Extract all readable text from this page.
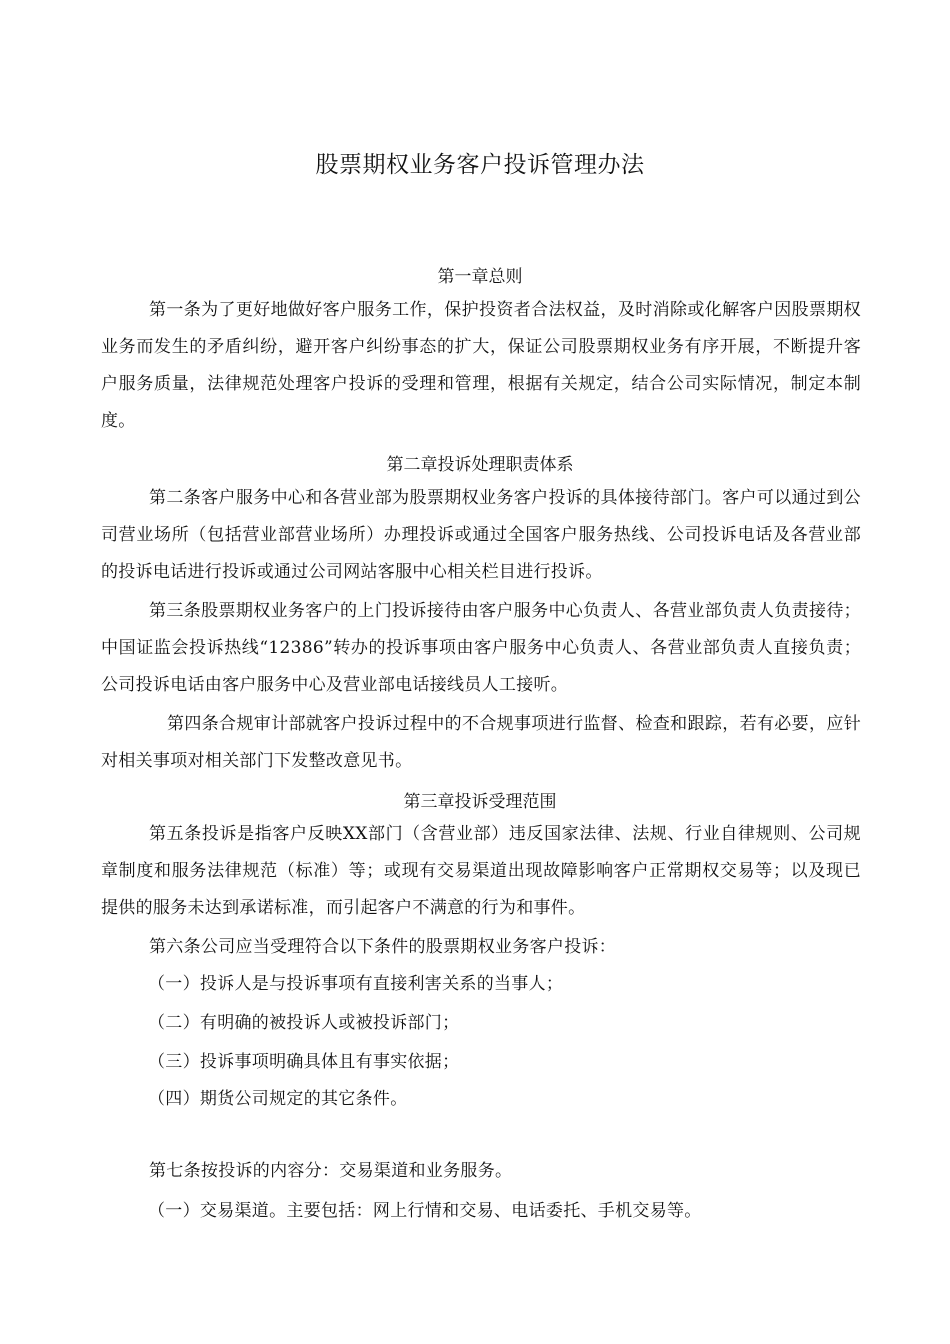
股票期权业务客户投诉管理办法
第一章总则
第一条为了更好地做好客户服务工作，保护投资者合法权益，及时消除或化解客户因股票期权业务而发生的矛盾纠纷，避开客户纠纷事态的扩大，保证公司股票期权业务有序开展，不断提升客户服务质量，法律规范处理客户投诉的受理和管理，根据有关规定，结合公司实际情况，制定本制度。
第二章投诉处理职责体系
第二条客户服务中心和各营业部为股票期权业务客户投诉的具体接待部门。客户可以通过到公司营业场所（包括营业部营业场所）办理投诉或通过全国客户服务热线、公司投诉电话及各营业部的投诉电话进行投诉或通过公司网站客服中心相关栏目进行投诉。
第三条股票期权业务客户的上门投诉接待由客户服务中心负责人、各营业部负责人负责接待；中国证监会投诉热线“12386”转办的投诉事项由客户服务中心负责人、各营业部负责人直接负责；公司投诉电话由客户服务中心及营业部电话接线员人工接听。
第四条合规审计部就客户投诉过程中的不合规事项进行监督、检查和跟踪，若有必要，应针对相关事项对相关部门下发整改意见书。
第三章投诉受理范围
第五条投诉是指客户反映XX部门（含营业部）违反国家法律、法规、行业自律规则、公司规章制度和服务法律规范（标准）等；或现有交易渠道出现故障影响客户正常期权交易等；以及现已提供的服务未达到承诺标准，而引起客户不满意的行为和事件。
第六条公司应当受理符合以下条件的股票期权业务客户投诉：
（一）投诉人是与投诉事项有直接利害关系的当事人；
（二）有明确的被投诉人或被投诉部门；
（三）投诉事项明确具体且有事实依据；
（四）期货公司规定的其它条件。
第七条按投诉的内容分：交易渠道和业务服务。
（一）交易渠道。主要包括：网上行情和交易、电话委托、手机交易等。
